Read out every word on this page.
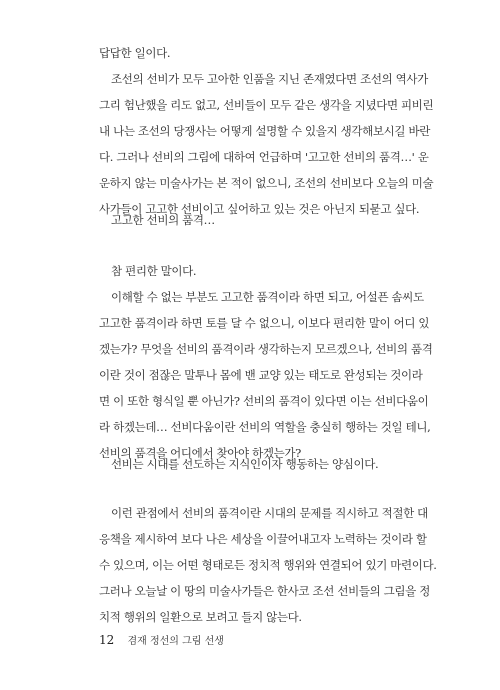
답답한 일이다.
조선의 선비가 모두 고아한 인품을 지닌 존재였다면 조선의 역사가
그리 험난했을 리도 없고, 선비들이 모두 같은 생각을 지녔다면 피비린
내 나는 조선의 당쟁사는 어떻게 설명할 수 있을지 생각해보시길 바란
다. 그러나 선비의 그림에 대하여 언급하며 '고고한 선비의 품격…' 운
운하지 않는 미술사가는 본 적이 없으니, 조선의 선비보다 오늘의 미술
사가들이 고고한 선비이고 싶어하고 있는 것은 아닌지 되묻고 싶다.
고고한 선비의 품격…
참 편리한 말이다.
이해할 수 없는 부분도 고고한 품격이라 하면 되고, 어설픈 솜씨도
고고한 품격이라 하면 토를 달 수 없으니, 이보다 편리한 말이 어디 있
겠는가? 무엇을 선비의 품격이라 생각하는지 모르겠으나, 선비의 품격
이란 것이 점잖은 말투나 몸에 밴 교양 있는 태도로 완성되는 것이라
면 이 또한 형식일 뿐 아닌가? 선비의 품격이 있다면 이는 선비다움이
라 하겠는데… 선비다움이란 선비의 역할을 충실히 행하는 것일 테니,
선비의 품격을 어디에서 찾아야 하겠는가?
선비는 시대를 선도하는 지식인이자 행동하는 양심이다.
이런 관점에서 선비의 품격이란 시대의 문제를 직시하고 적절한 대
응책을 제시하여 보다 나은 세상을 이끌어내고자 노력하는 것이라 할
수 있으며, 이는 어떤 형태로든 정치적 행위와 연결되어 있기 마련이다.
그러나 오늘날 이 땅의 미술사가들은 한사코 조선 선비들의 그림을 정
치적 행위의 일환으로 보려고 들지 않는다.
12 겸재 정선의 그림 선생
